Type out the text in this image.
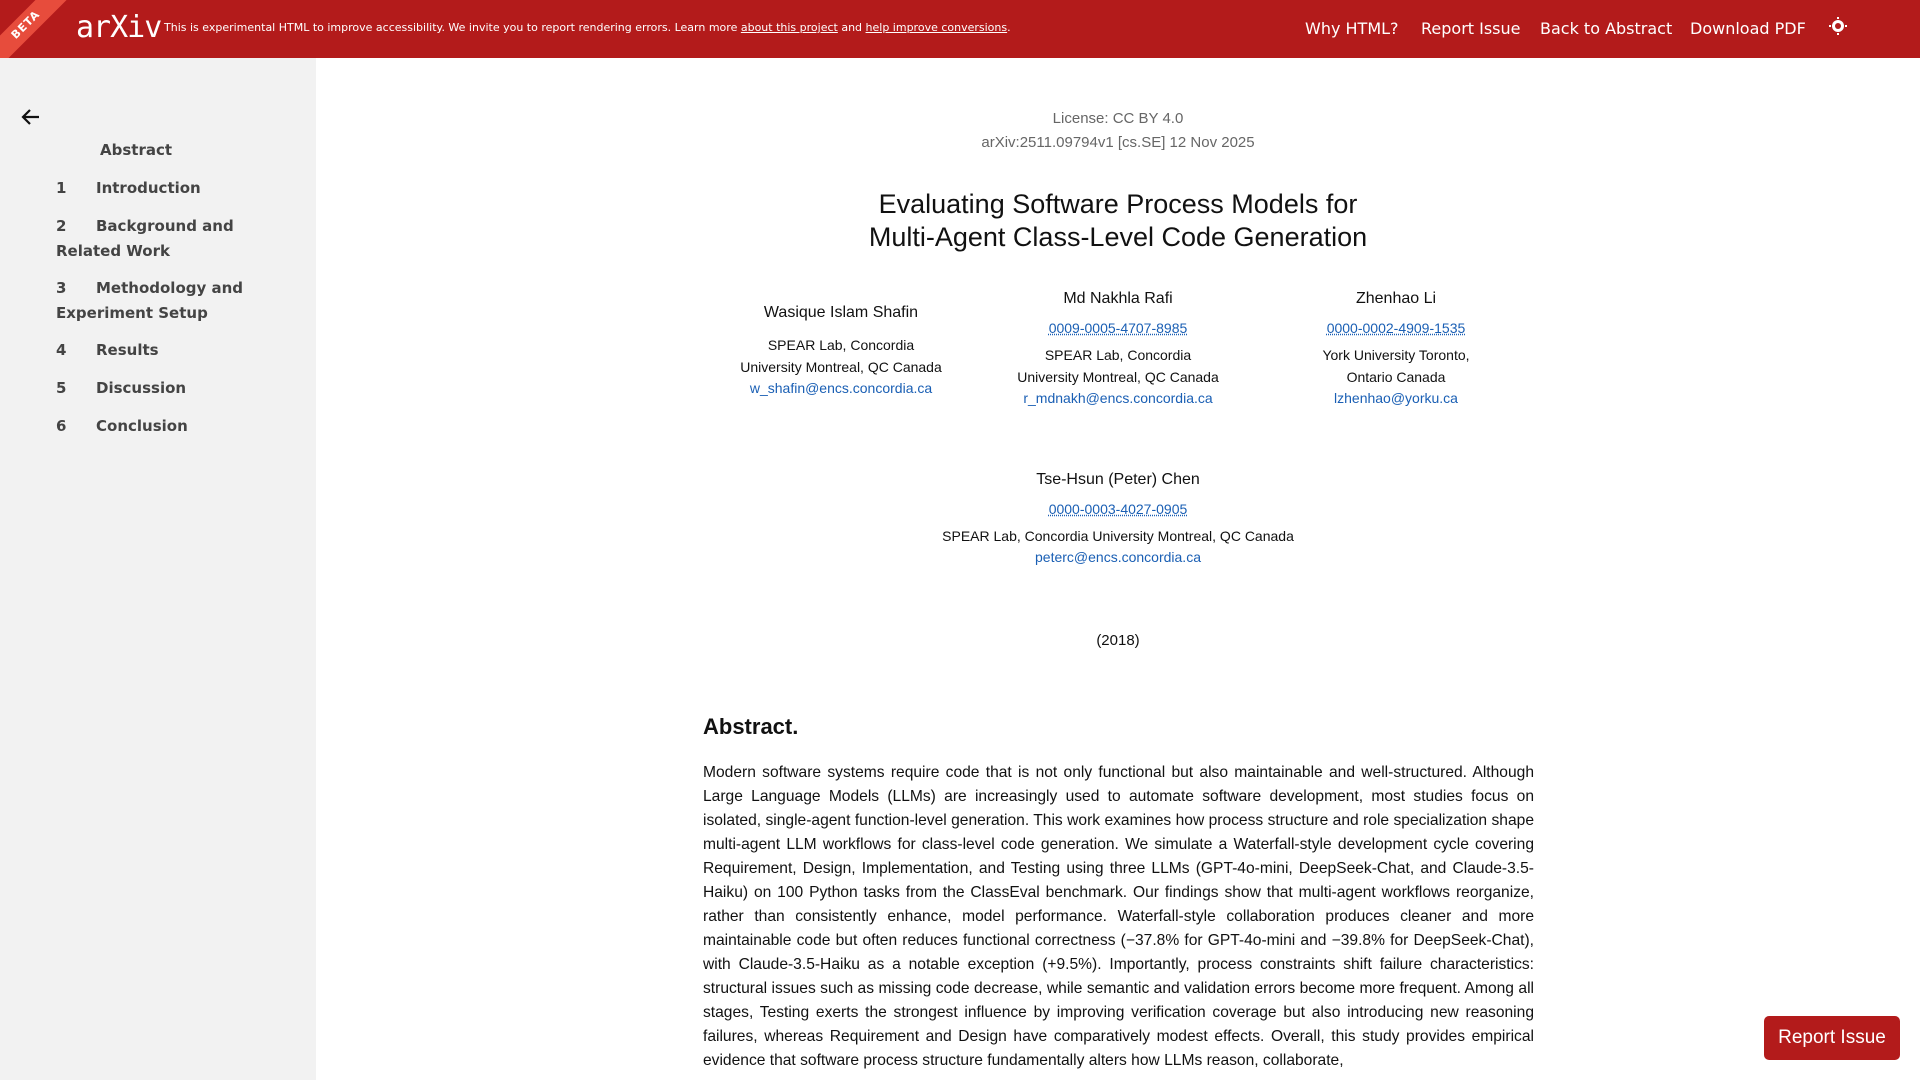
BETA	arXiv This is experimental HTML to improve accessibility. We invite you to report rendering errors. Learn more about this project and help improve conversions.	Why HTML? Report Issue Back to Abstract Download PDF
Abstract
1 Introduction
2 Background and Related Work
3 Methodology and Experiment Setup
4 Results
5 Discussion
6 Conclusion
License: CC BY 4.0
arXiv:2511.09794v1 [cs.SE] 12 Nov 2025
Evaluating Software Process Models for
Multi-Agent Class-Level Code Generation
Wasique Islam Shafin
SPEAR Lab, Concordia
University Montreal, QC Canada
w_shafin@encs.concordia.ca
Md Nakhla Rafi
0009-0005-4707-8985
SPEAR Lab, Concordia
University Montreal, QC Canada
r_mdnakh@encs.concordia.ca
Zhenhao Li
0000-0002-4909-1535
York University Toronto,
Ontario Canada
lzhenhao@yorku.ca
Tse-Hsun (Peter) Chen
0000-0003-4027-0905
SPEAR Lab, Concordia University Montreal, QC Canada
peterc@encs.concordia.ca
(2018)
Abstract.
Modern software systems require code that is not only functional but also maintainable and well-structured. Although Large Language Models (LLMs) are increasingly used to automate software development, most studies focus on isolated, single-agent function-level generation. This work examines how process structure and role specialization shape multi-agent LLM workflows for class-level code generation. We simulate a Waterfall-style development cycle covering Requirement, Design, Implementation, and Testing using three LLMs (GPT-4o-mini, DeepSeek-Chat, and Claude-3.5-Haiku) on 100 Python tasks from the ClassEval benchmark. Our findings show that multi-agent workflows reorganize, rather than consistently enhance, model performance. Waterfall-style collaboration produces cleaner and more maintainable code but often reduces functional correctness (−37.8% for GPT-4o-mini and −39.8% for DeepSeek-Chat), with Claude-3.5-Haiku as a notable exception (+9.5%). Importantly, process constraints shift failure characteristics: structural issues such as missing code decrease, while semantic and validation errors become more frequent. Among all stages, Testing exerts the strongest influence by improving verification coverage but also introducing new reasoning failures, whereas Requirement and Design have comparatively modest effects. Overall, this study provides empirical evidence that software process structure fundamentally alters how LLMs reason, collaborate,
Report Issue
